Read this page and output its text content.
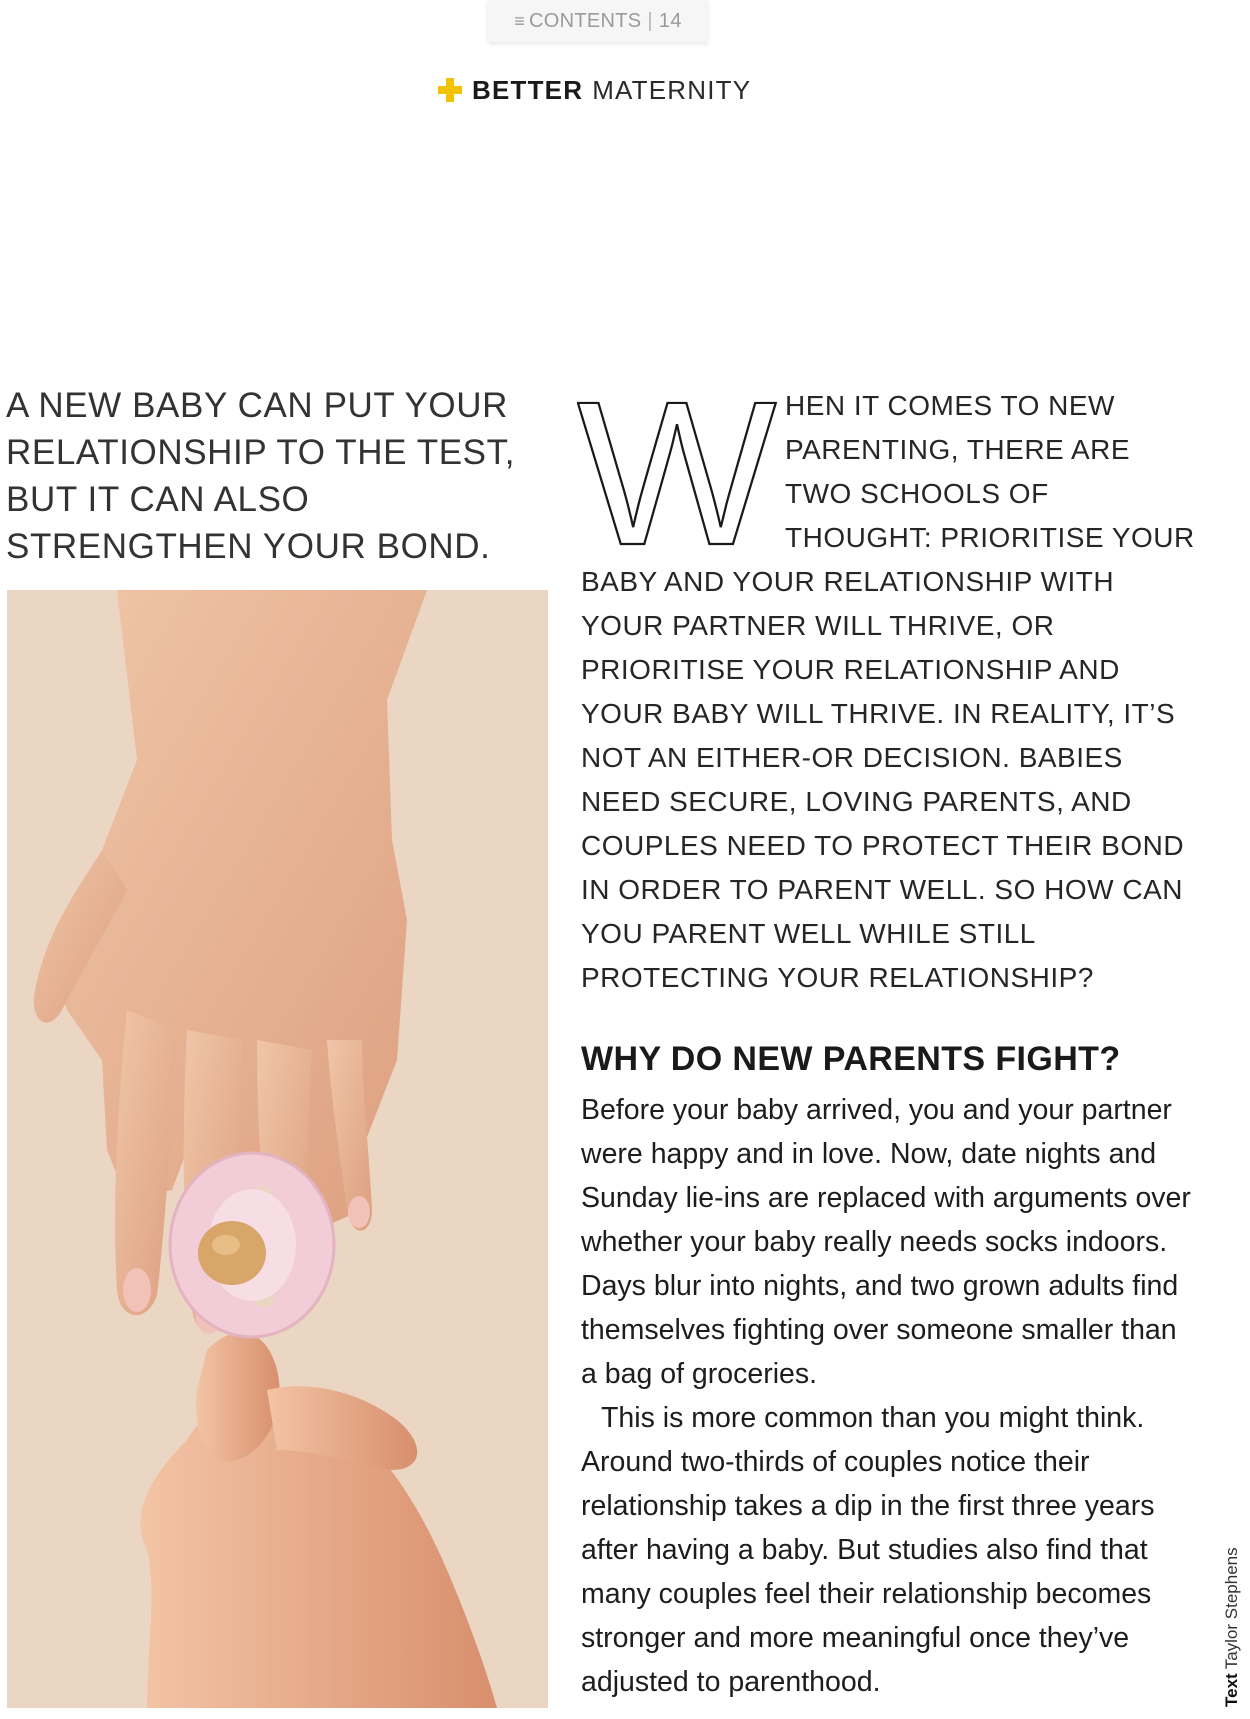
≡ CONTENTS | 14
BETTER MATERNITY
A NEW BABY CAN PUT YOUR RELATIONSHIP TO THE TEST, BUT IT CAN ALSO STRENGTHEN YOUR BOND. W HEN IT COMES TO NEW PARENTING, THERE ARE TWO SCHOOLS OF THOUGHT: PRIORITISE YOUR BABY AND YOUR RELATIONSHIP WITH YOUR PARTNER WILL THRIVE, OR PRIORITISE YOUR RELATIONSHIP AND YOUR BABY WILL THRIVE. IN REALITY, IT’S NOT AN EITHER-OR DECISION. BABIES NEED SECURE, LOVING PARENTS, AND COUPLES NEED TO PROTECT THEIR BOND IN ORDER TO PARENT WELL. SO HOW CAN YOU PARENT WELL WHILE STILL PROTECTING YOUR RELATIONSHIP?
WHY DO NEW PARENTS FIGHT?

Before your baby arrived, you and your partner were happy and in love. Now, date nights and Sunday lie-ins are replaced with arguments over whether your baby really needs socks indoors. Days blur into nights, and two grown adults find themselves fighting over someone smaller than a bag of groceries.

This is more common than you might think. Around two-thirds of couples notice their relationship takes a dip in the first three years after having a baby. But studies also find that many couples feel their relationship becomes stronger and more meaningful once they’ve adjusted to parenthood.	TextTaylor Stephens
